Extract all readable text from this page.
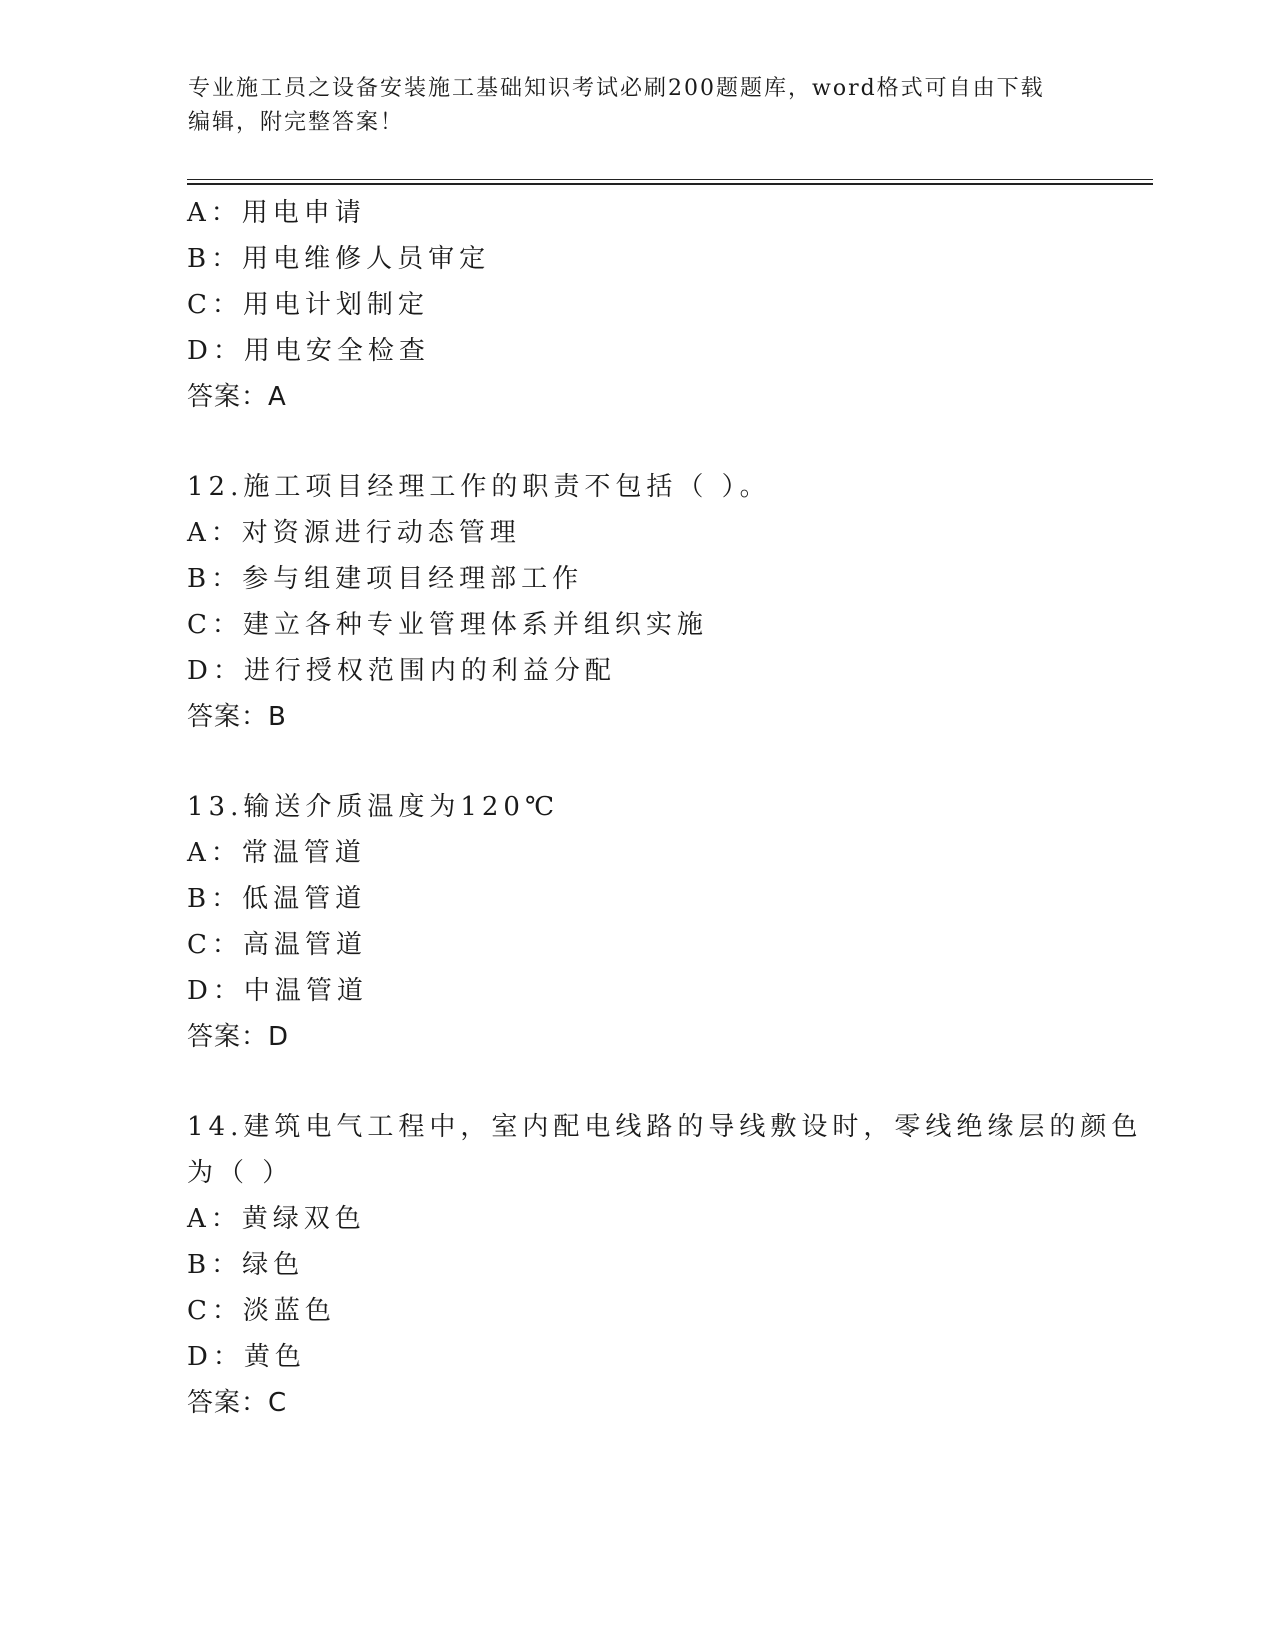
专业施工员之设备安装施工基础知识考试必刷200题题库，word格式可自由下载
编辑，附完整答案！
A：用电申请
B：用电维修人员审定
C：用电计划制定
D：用电安全检查
答案：A
12.施工项目经理工作的职责不包括（ ）。
A：对资源进行动态管理
B：参与组建项目经理部工作
C：建立各种专业管理体系并组织实施
D：进行授权范围内的利益分配
答案：B
13.输送介质温度为120℃
A：常温管道
B：低温管道
C：高温管道
D：中温管道
答案：D
14.建筑电气工程中，室内配电线路的导线敷设时，零线绝缘层的颜色
为（ ）
A：黄绿双色
B：绿色
C：淡蓝色
D：黄色
答案：C
